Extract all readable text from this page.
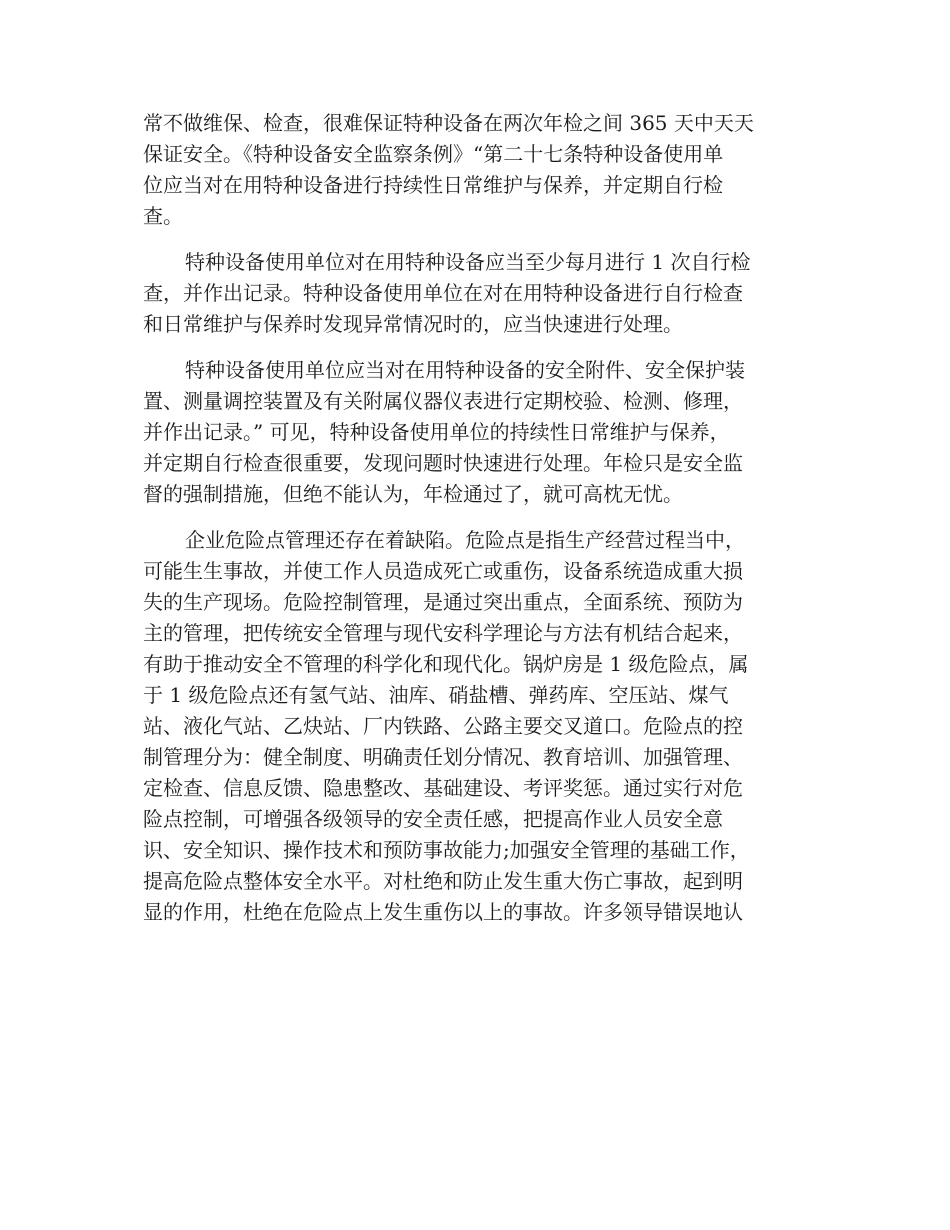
常不做维保、检查，很难保证特种设备在两次年检之间 365 天中天天
保证安全。《特种设备安全监察条例》“第二十七条特种设备使用单
位应当对在用特种设备进行持续性日常维护与保养，并定期自行检
查。
特种设备使用单位对在用特种设备应当至少每月进行 1 次自行检
查，并作出记录。特种设备使用单位在对在用特种设备进行自行检查
和日常维护与保养时发现异常情况时的，应当快速进行处理。
特种设备使用单位应当对在用特种设备的安全附件、安全保护装
置、测量调控装置及有关附属仪器仪表进行定期校验、检测、修理，
并作出记录。” 可见，特种设备使用单位的持续性日常维护与保养，
并定期自行检查很重要，发现问题时快速进行处理。年检只是安全监
督的强制措施，但绝不能认为，年检通过了，就可高枕无忧。
企业危险点管理还存在着缺陷。危险点是指生产经营过程当中，
可能生生事故，并使工作人员造成死亡或重伤，设备系统造成重大损
失的生产现场。危险控制管理，是通过突出重点，全面系统、预防为
主的管理，把传统安全管理与现代安科学理论与方法有机结合起来，
有助于推动安全不管理的科学化和现代化。锅炉房是 1 级危险点，属
于 1 级危险点还有氢气站、油库、硝盐槽、弹药库、空压站、煤气
站、液化气站、乙炔站、厂内铁路、公路主要交叉道口。危险点的控
制管理分为：健全制度、明确责任划分情况、教育培训、加强管理、
定检查、信息反馈、隐患整改、基础建设、考评奖惩。通过实行对危
险点控制，可增强各级领导的安全责任感，把提高作业人员安全意
识、安全知识、操作技术和预防事故能力;加强安全管理的基础工作，
提高危险点整体安全水平。对杜绝和防止发生重大伤亡事故，起到明
显的作用，杜绝在危险点上发生重伤以上的事故。许多领导错误地认
